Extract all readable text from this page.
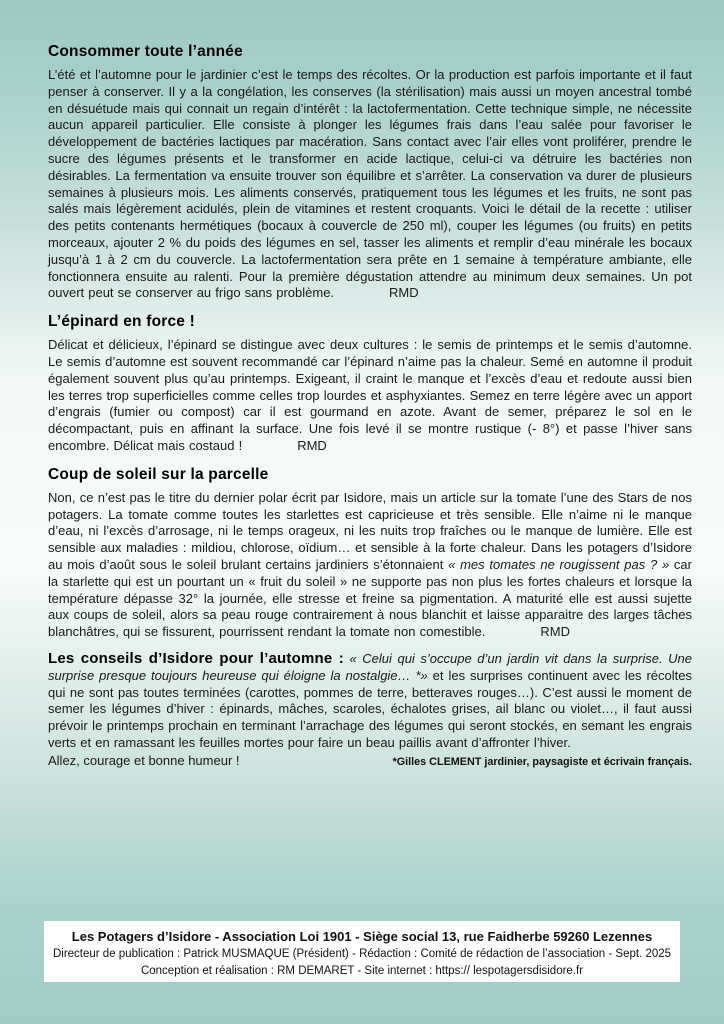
Consommer toute l’année

L’été et l’automne pour le jardinier c’est le temps des récoltes. Or la production est parfois importante et il faut penser à conserver. Il y a la congélation, les conserves (la stérilisation) mais aussi un moyen ancestral tombé en désuétude mais qui connait un regain d’intérêt : la lactofermentation. Cette technique simple, ne nécessite aucun appareil particulier. Elle consiste à plonger les légumes frais dans l’eau salée pour favoriser le développement de bactéries lactiques par macération. Sans contact avec l’air elles vont proliférer, prendre le sucre des légumes présents et le transformer en acide lactique, celui-ci va détruire les bactéries non désirables. La fermentation va ensuite trouver son équilibre et s’arrêter. La conservation va durer de plusieurs semaines à plusieurs mois. Les aliments conservés, pratiquement tous les légumes et les fruits, ne sont pas salés mais légèrement acidulés, plein de vitamines et restent croquants. Voici le détail de la recette : utiliser des petits contenants hermétiques (bocaux à couvercle de 250 ml), couper les légumes (ou fruits) en petits morceaux, ajouter 2 % du poids des légumes en sel, tasser les aliments et remplir d’eau minérale les bocaux jusqu’à 1 à 2 cm du couvercle. La lactofermentation sera prête en 1 semaine à température ambiante, elle fonctionnera ensuite au ralenti. Pour la première dégustation attendre au minimum deux semaines. Un pot ouvert peut se conserver au frigo sans problème.	RMD

L’épinard en force !

Délicat et délicieux, l’épinard se distingue avec deux cultures : le semis de printemps et le semis d’automne. Le semis d’automne est souvent recommandé car l’épinard n’aime pas la chaleur. Semé en automne il produit également souvent plus qu’au printemps. Exigeant, il craint le manque et l’excès d’eau et redoute aussi bien les terres trop superficielles comme celles trop lourdes et asphyxiantes. Semez en terre légère avec un apport d’engrais (fumier ou compost) car il est gourmand en azote. Avant de semer, préparez le sol en le décompactant, puis en affinant la surface. Une fois levé il se montre rustique (- 8°) et passe l’hiver sans encombre. Délicat mais costaud !	RMD

Coup de soleil sur la parcelle

Non, ce n’est pas le titre du dernier polar écrit par Isidore, mais un article sur la tomate l’une des Stars de nos potagers. La tomate comme toutes les starlettes est capricieuse et très sensible. Elle n’aime ni le manque d’eau, ni l’excès d’arrosage, ni le temps orageux, ni les nuits trop fraîches ou le manque de lumière. Elle est sensible aux maladies : mildiou, chlorose, oïdium… et sensible à la forte chaleur. Dans les potagers d’Isidore au mois d’août sous le soleil brulant certains jardiniers s’étonnaient « mes tomates ne rougissent pas ? » car la starlette qui est un pourtant un « fruit du soleil » ne supporte pas non plus les fortes chaleurs et lorsque la température dépasse 32° la journée, elle stresse et freine sa pigmentation. A maturité elle est aussi sujette aux coups de soleil, alors sa peau rouge contrairement à nous blanchit et laisse apparaitre des larges tâches blanchâtres, qui se fissurent, pourrissent rendant la tomate non comestible.	RMD

Les conseils d’Isidore pour l’automne : « Celui qui s’occupe d’un jardin vit dans la surprise. Une surprise presque toujours heureuse qui éloigne la nostalgie… *» et les surprises continuent avec les récoltes qui ne sont pas toutes terminées (carottes, pommes de terre, betteraves rouges…). C’est aussi le moment de semer les légumes d’hiver : épinards, mâches, scaroles, échalotes grises, ail blanc ou violet…, il faut aussi prévoir le printemps prochain en terminant l’arrachage des légumes qui seront stockés, en semant les engrais verts et en ramassant les feuilles mortes pour faire un beau paillis avant d’affronter l’hiver.

Allez, courage et bonne humeur !	*Gilles CLEMENT jardinier, paysagiste et écrivain français.
Les Potagers d’Isidore - Association Loi 1901 - Siège social 13, rue Faidherbe 59260 Lezennes
Directeur de publication : Patrick MUSMAQUE (Président) - Rédaction : Comité de rédaction de l’association - Sept. 2025
Conception et réalisation : RM DEMARET - Site internet : https:// lespotagersdisidore.fr
